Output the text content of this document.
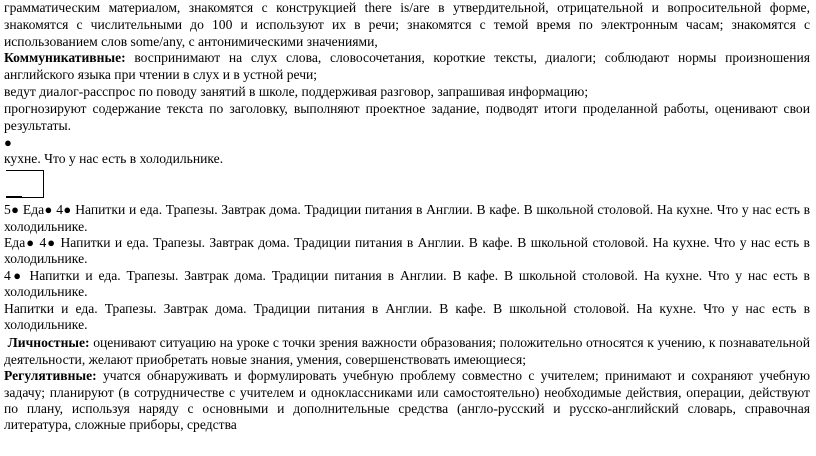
грамматическим материалом, знакомятся с конструкцией there is/are в утвердительной, отрицательной и вопросительной форме, знакомятся с числительными до 100 и используют их в речи; знакомятся с темой время по электронным часам; знакомятся с использованием слов some/any, с антонимическими значениями,

Коммуникативные: воспринимают на слух слова, словосочетания, короткие тексты, диалоги; соблюдают нормы произношения английского языка при чтении в слух и в устной речи;

ведут диалог-расспрос по поводу занятий в школе, поддерживая разговор, запрашивая информацию;

прогнозируют содержание текста по заголовку, выполняют проектное задание, подводят итоги проделанной работы, оценивают свои результаты.

●

кухне. Что у нас есть в холодильнике.

5● Еда● 4● Напитки и еда. Трапезы. Завтрак дома. Традиции питания в Англии. В кафе. В школьной столовой. На кухне. Что у нас есть в холодильнике.

Еда● 4● Напитки и еда. Трапезы. Завтрак дома. Традиции питания в Англии. В кафе. В школьной столовой. На кухне. Что у нас есть в холодильнике.

4● Напитки и еда. Трапезы. Завтрак дома. Традиции питания в Англии. В кафе. В школьной столовой. На кухне. Что у нас есть в холодильнике.

Напитки и еда. Трапезы. Завтрак дома. Традиции питания в Англии. В кафе. В школьной столовой. На кухне. Что у нас есть в холодильнике.

Личностные: оценивают ситуацию на уроке с точки зрения важности образования; положительно относятся к учению, к познавательной деятельности, желают приобретать новые знания, умения, совершенствовать имеющиеся;

Регулятивные: учатся обнаруживать и формулировать учебную проблему совместно с учителем; принимают и сохраняют учебную задачу; планируют (в сотрудничестве с учителем и одноклассниками или самостоятельно) необходимые действия, операции, действуют по плану, используя наряду с основными и дополнительные средства (англо-русский и русско-английский словарь, справочная литература, сложные приборы, средства
